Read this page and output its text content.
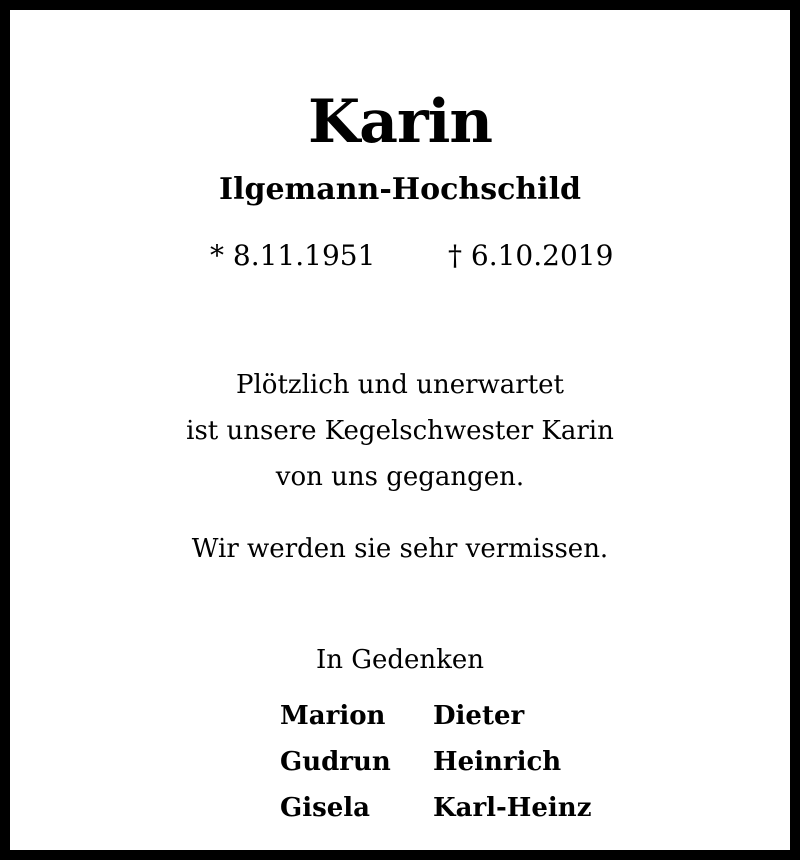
Karin
Ilgemann-Hochschild
* 8.11.1951	† 6.10.2019
Plötzlich und unerwartet
ist unsere Kegelschwester Karin
von uns gegangen.
Wir werden sie sehr vermissen.
In Gedenken
Marion
Gudrun
Gisela
Dieter
Heinrich
Karl-Heinz
